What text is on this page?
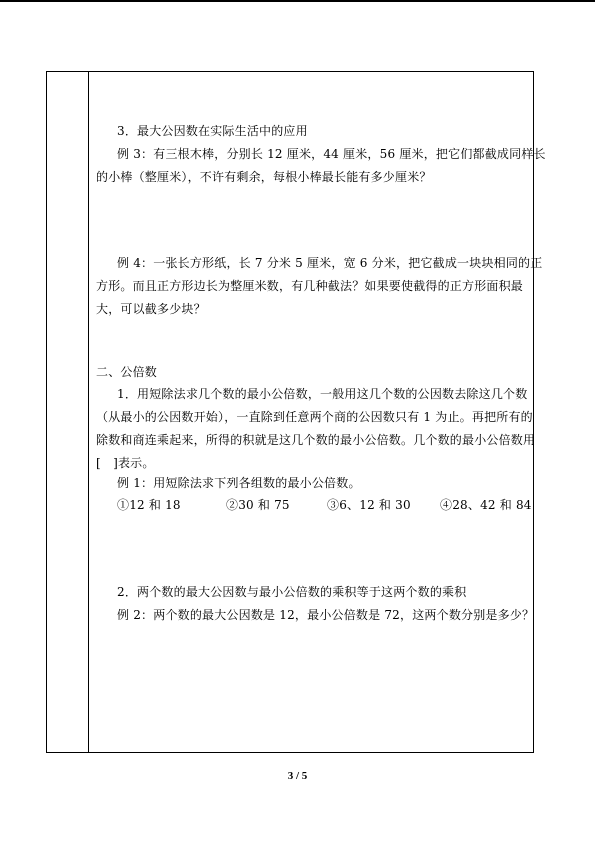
3．最大公因数在实际生活中的应用
例 3：有三根木棒，分别长 12 厘米，44 厘米，56 厘米，把它们都截成同样长
的小棒（整厘米），不许有剩余，每根小棒最长能有多少厘米？
例 4：一张长方形纸，长 7 分米 5 厘米，宽 6 分米，把它截成一块块相同的正
方形。而且正方形边长为整厘米数，有几种截法？如果要使截得的正方形面积最
大，可以截多少块？
二、公倍数
1．用短除法求几个数的最小公倍数，一般用这几个数的公因数去除这几个数
（从最小的公因数开始），一直除到任意两个商的公因数只有 1 为止。再把所有的
除数和商连乘起来，所得的积就是这几个数的最小公倍数。几个数的最小公倍数用
[　]表示。
例 1：用短除法求下列各组数的最小公倍数。
①12 和 18	②30 和 75	③6、12 和 30 ④28、42 和 84
2．两个数的最大公因数与最小公倍数的乘积等于这两个数的乘积
例 2：两个数的最大公因数是 12，最小公倍数是 72，这两个数分别是多少？
3 / 5
